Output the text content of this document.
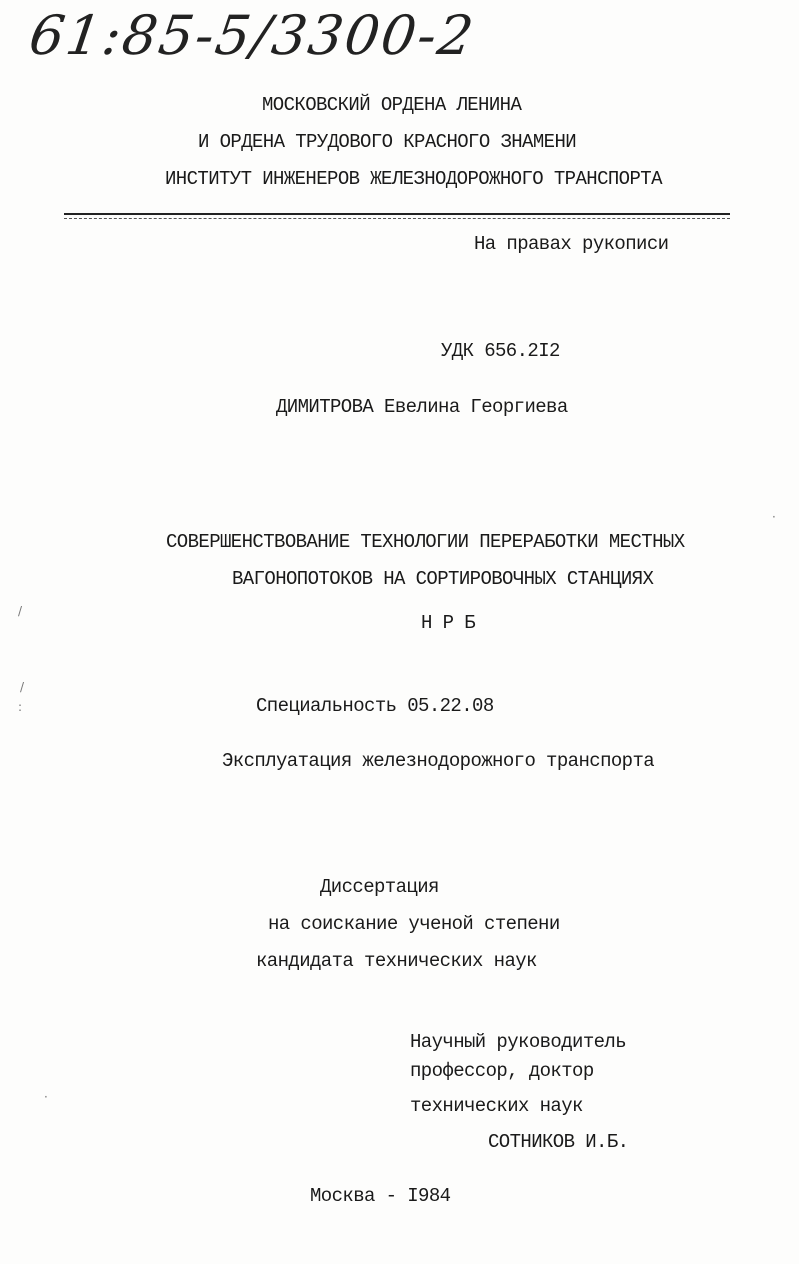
61:85-5/3300-2
МОСКОВСКИЙ ОРДЕНА ЛЕНИНА
И ОРДЕНА ТРУДОВОГО КРАСНОГО ЗНАМЕНИ
ИНСТИТУТ ИНЖЕНЕРОВ ЖЕЛЕЗНОДОРОЖНОГО ТРАНСПОРТА
На правах рукописи
УДК 656.2I2
ДИМИТРОВА Евелина Георгиева
СОВЕРШЕНСТВОВАНИЕ ТЕХНОЛОГИИ ПЕРЕРАБОТКИ МЕСТНЫХ
ВАГОНОПОТОКОВ НА СОРТИРОВОЧНЫХ СТАНЦИЯХ
Н Р Б
Специальность 05.22.08
Эксплуатация железнодорожного транспорта
Диссертация
на соискание ученой степени
кандидата технических наук
Научный руководитель
профессор, доктор
технических наук
СОТНИКОВ И.Б.
Москва - I984
/
/
:
·
·
